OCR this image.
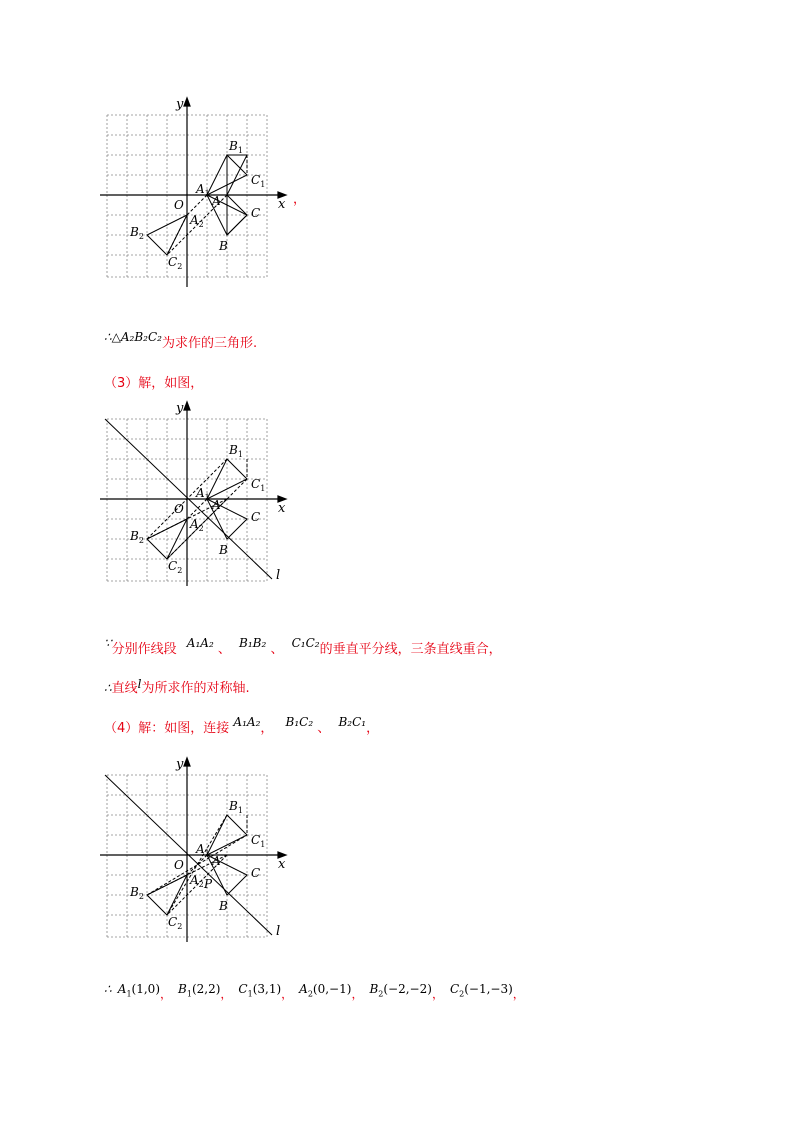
x
y
O
$A_1$
A
$A_2$
$B_1$
$C_1$
C
B
$B_2$
$C_2$
，
∴△A₂B₂C₂为求作的三角形.
（3）解，如图，
x
y
O
l
$A_1$
A
$A_2$
$B_1$
$C_1$
C
B
$B_2$
$C_2$
∵分别作线段 A₁A₂ 、 B₁B₂ 、 C₁C₂的垂直平分线，三条直线重合，
∴直线l为所求作的对称轴.
（4）解：如图，连接 A₁A₂， B₁C₂ 、 B₂C₁，
x
y
O
l
$A_1$
A
$A_2$ P
$B_1$
$C_1$
C
B
$B_2$
$C_2$
∴ $A_1(1,0)$， $B_1(2,2)$， $C_1(3,1)$， $A_2(0,-1)$， $B_2(-2,-2)$， $C_2(-1,-3)$，
